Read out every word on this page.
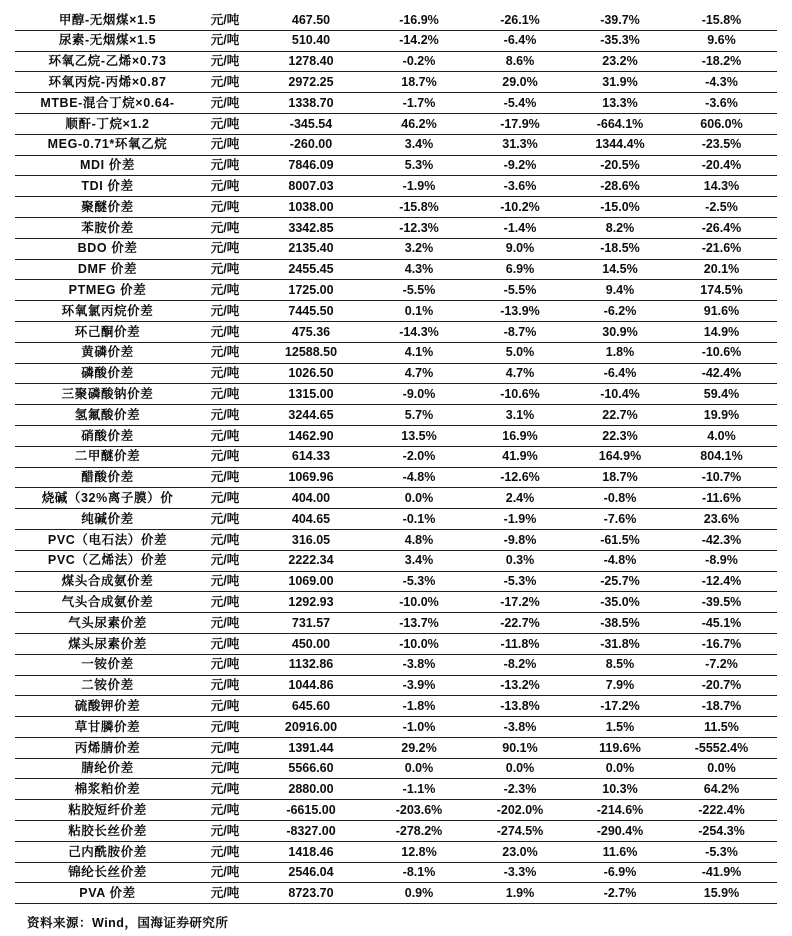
甲醇-无烟煤×1.5	元/吨	467.50	-16.9%	-26.1%	-39.7%	-15.8%
尿素-无烟煤×1.5	元/吨	510.40	-14.2%	-6.4%	-35.3%	9.6%
环氧乙烷-乙烯×0.73	元/吨	1278.40	-0.2%	8.6%	23.2%	-18.2%
环氧丙烷-丙烯×0.87	元/吨	2972.25	18.7%	29.0%	31.9%	-4.3%
MTBE-混合丁烷×0.64-	元/吨	1338.70	-1.7%	-5.4%	13.3%	-3.6%
顺酐-丁烷×1.2	元/吨	-345.54	46.2%	-17.9%	-664.1%	606.0%
MEG-0.71*环氧乙烷	元/吨	-260.00	3.4%	31.3%	1344.4%	-23.5%
MDI 价差	元/吨	7846.09	5.3%	-9.2%	-20.5%	-20.4%
TDI 价差	元/吨	8007.03	-1.9%	-3.6%	-28.6%	14.3%
聚醚价差	元/吨	1038.00	-15.8%	-10.2%	-15.0%	-2.5%
苯胺价差	元/吨	3342.85	-12.3%	-1.4%	8.2%	-26.4%
BDO 价差	元/吨	2135.40	3.2%	9.0%	-18.5%	-21.6%
DMF 价差	元/吨	2455.45	4.3%	6.9%	14.5%	20.1%
PTMEG 价差	元/吨	1725.00	-5.5%	-5.5%	9.4%	174.5%
环氧氯丙烷价差	元/吨	7445.50	0.1%	-13.9%	-6.2%	91.6%
环己酮价差	元/吨	475.36	-14.3%	-8.7%	30.9%	14.9%
黄磷价差	元/吨	12588.50	4.1%	5.0%	1.8%	-10.6%
磷酸价差	元/吨	1026.50	4.7%	4.7%	-6.4%	-42.4%
三聚磷酸钠价差	元/吨	1315.00	-9.0%	-10.6%	-10.4%	59.4%
氢氟酸价差	元/吨	3244.65	5.7%	3.1%	22.7%	19.9%
硝酸价差	元/吨	1462.90	13.5%	16.9%	22.3%	4.0%
二甲醚价差	元/吨	614.33	-2.0%	41.9%	164.9%	804.1%
醋酸价差	元/吨	1069.96	-4.8%	-12.6%	18.7%	-10.7%
烧碱（32%离子膜）价	元/吨	404.00	0.0%	2.4%	-0.8%	-11.6%
纯碱价差	元/吨	404.65	-0.1%	-1.9%	-7.6%	23.6%
PVC（电石法）价差	元/吨	316.05	4.8%	-9.8%	-61.5%	-42.3%
PVC（乙烯法）价差	元/吨	2222.34	3.4%	0.3%	-4.8%	-8.9%
煤头合成氨价差	元/吨	1069.00	-5.3%	-5.3%	-25.7%	-12.4%
气头合成氨价差	元/吨	1292.93	-10.0%	-17.2%	-35.0%	-39.5%
气头尿素价差	元/吨	731.57	-13.7%	-22.7%	-38.5%	-45.1%
煤头尿素价差	元/吨	450.00	-10.0%	-11.8%	-31.8%	-16.7%
一铵价差	元/吨	1132.86	-3.8%	-8.2%	8.5%	-7.2%
二铵价差	元/吨	1044.86	-3.9%	-13.2%	7.9%	-20.7%
硫酸钾价差	元/吨	645.60	-1.8%	-13.8%	-17.2%	-18.7%
草甘膦价差	元/吨	20916.00	-1.0%	-3.8%	1.5%	11.5%
丙烯腈价差	元/吨	1391.44	29.2%	90.1%	119.6%	-5552.4%
腈纶价差	元/吨	5566.60	0.0%	0.0%	0.0%	0.0%
棉浆粕价差	元/吨	2880.00	-1.1%	-2.3%	10.3%	64.2%
粘胶短纤价差	元/吨	-6615.00	-203.6%	-202.0%	-214.6%	-222.4%
粘胶长丝价差	元/吨	-8327.00	-278.2%	-274.5%	-290.4%	-254.3%
己内酰胺价差	元/吨	1418.46	12.8%	23.0%	11.6%	-5.3%
锦纶长丝价差	元/吨	2546.04	-8.1%	-3.3%	-6.9%	-41.9%
PVA 价差	元/吨	8723.70	0.9%	1.9%	-2.7%	15.9%
资料来源：Wind，国海证券研究所
